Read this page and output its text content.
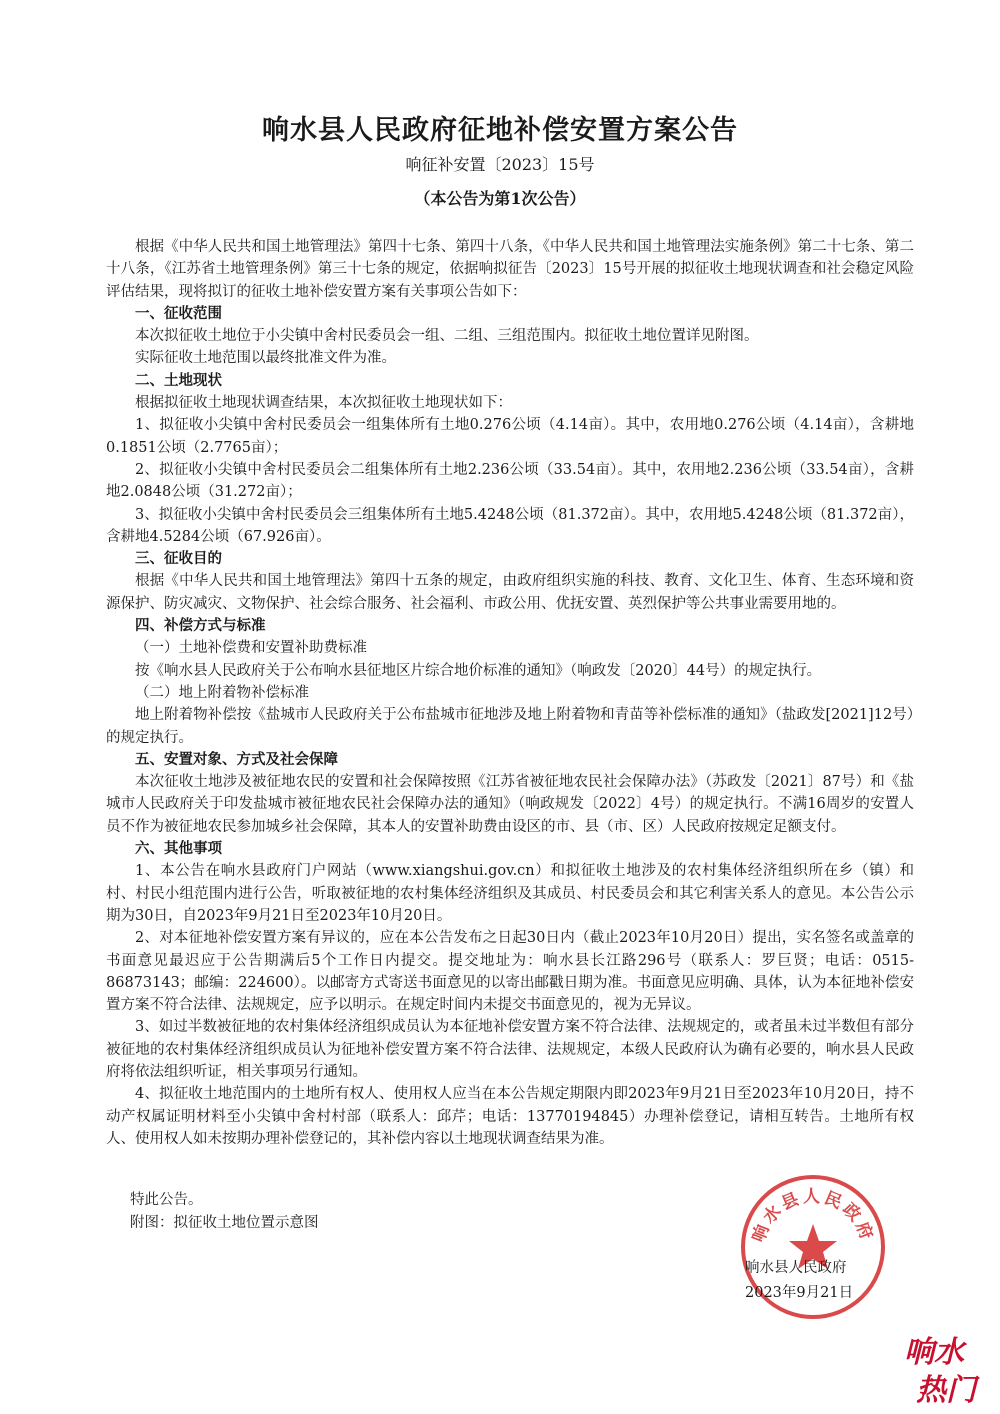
响水县人民政府征地补偿安置方案公告
响征补安置〔2023〕15号
（本公告为第1次公告）

根据《中华人民共和国土地管理法》第四十七条、第四十八条，《中华人民共和国土地管理法实施条例》第二十七条、第二十八条，《江苏省土地管理条例》第三十七条的规定，依据响拟征告〔2023〕15号开展的拟征收土地现状调查和社会稳定风险评估结果，现将拟订的征收土地补偿安置方案有关事项公告如下：

一、征收范围

本次拟征收土地位于小尖镇中舍村民委员会一组、二组、三组范围内。拟征收土地位置详见附图。

实际征收土地范围以最终批准文件为准。

二、土地现状

根据拟征收土地现状调查结果，本次拟征收土地现状如下：

1、拟征收小尖镇中舍村民委员会一组集体所有土地0.276公顷（4.14亩）。其中，农用地0.276公顷（4.14亩），含耕地0.1851公顷（2.7765亩）；

2、拟征收小尖镇中舍村民委员会二组集体所有土地2.236公顷（33.54亩）。其中，农用地2.236公顷（33.54亩），含耕地2.0848公顷（31.272亩）；

3、拟征收小尖镇中舍村民委员会三组集体所有土地5.4248公顷（81.372亩）。其中，农用地5.4248公顷（81.372亩），含耕地4.5284公顷（67.926亩）。

三、征收目的

根据《中华人民共和国土地管理法》第四十五条的规定，由政府组织实施的科技、教育、文化卫生、体育、生态环境和资源保护、防灾减灾、文物保护、社会综合服务、社会福利、市政公用、优抚安置、英烈保护等公共事业需要用地的。

四、补偿方式与标准

（一）土地补偿费和安置补助费标准

按《响水县人民政府关于公布响水县征地区片综合地价标准的通知》（响政发〔2020〕44号）的规定执行。

（二）地上附着物补偿标准

地上附着物补偿按《盐城市人民政府关于公布盐城市征地涉及地上附着物和青苗等补偿标准的通知》（盐政发[2021]12号）的规定执行。

五、安置对象、方式及社会保障

本次征收土地涉及被征地农民的安置和社会保障按照《江苏省被征地农民社会保障办法》（苏政发〔2021〕87号）和《盐城市人民政府关于印发盐城市被征地农民社会保障办法的通知》（响政规发〔2022〕4号）的规定执行。不满16周岁的安置人员不作为被征地农民参加城乡社会保障，其本人的安置补助费由设区的市、县（市、区）人民政府按规定足额支付。

六、其他事项

1、本公告在响水县政府门户网站（www.xiangshui.gov.cn）和拟征收土地涉及的农村集体经济组织所在乡（镇）和村、村民小组范围内进行公告，听取被征地的农村集体经济组织及其成员、村民委员会和其它利害关系人的意见。本公告公示期为30日，自2023年9月21日至2023年10月20日。

2、对本征地补偿安置方案有异议的，应在本公告发布之日起30日内（截止2023年10月20日）提出，实名签名或盖章的书面意见最迟应于公告期满后5个工作日内提交。提交地址为：响水县长江路296号（联系人：罗巨贤；电话：0515-86873143；邮编：224600）。以邮寄方式寄送书面意见的以寄出邮戳日期为准。书面意见应明确、具体，认为本征地补偿安置方案不符合法律、法规规定，应予以明示。在规定时间内未提交书面意见的，视为无异议。

3、如过半数被征地的农村集体经济组织成员认为本征地补偿安置方案不符合法律、法规规定的，或者虽未过半数但有部分被征地的农村集体经济组织成员认为征地补偿安置方案不符合法律、法规规定，本级人民政府认为确有必要的，响水县人民政府将依法组织听证，相关事项另行通知。

4、拟征收土地范围内的土地所有权人、使用权人应当在本公告规定期限内即2023年9月21日至2023年10月20日，持不动产权属证明材料至小尖镇中舍村村部（联系人：邱芹；电话：13770194845）办理补偿登记，请相互转告。土地所有权人、使用权人如未按期办理补偿登记的，其补偿内容以土地现状调查结果为准。

特此公告。
附图：拟征收土地位置示意图	响水县人民政府
响水县人民政府
2023年9月21日
响水
热门
